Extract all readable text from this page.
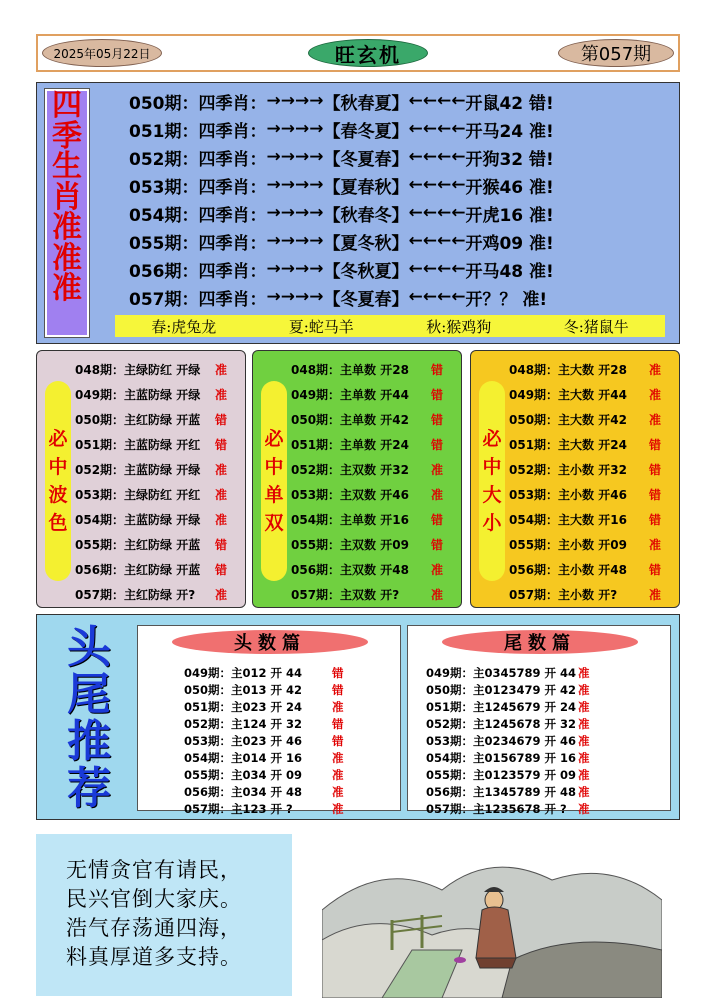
2025年05月22日	旺玄机	第057期
四
季
生
肖
准
准
准
050期：四季肖： →→→→ 【秋春夏】 ←←←← 开鼠42 错!
051期：四季肖： →→→→ 【春冬夏】 ←←←← 开马24 准!
052期：四季肖： →→→→ 【冬夏春】 ←←←← 开狗32 错!
053期：四季肖： →→→→ 【夏春秋】 ←←←← 开猴46 准!
054期：四季肖： →→→→ 【秋春冬】 ←←←← 开虎16 准!
055期：四季肖： →→→→ 【夏冬秋】 ←←←← 开鸡09 准!
056期：四季肖： →→→→ 【冬秋夏】 ←←←← 开马48 准!
057期：四季肖： →→→→ 【冬夏春】 ←←←← 开？？ 准!
春:虎兔龙	夏:蛇马羊	秋:猴鸡狗	冬:猪鼠牛
必
中
波
色
048期：主绿防红 开绿	准
049期：主蓝防绿 开绿	准
050期：主红防绿 开蓝	错
051期：主蓝防绿 开红	错
052期：主蓝防绿 开绿	准
053期：主绿防红 开红	准
054期：主蓝防绿 开绿	准
055期：主红防绿 开蓝	错
056期：主红防绿 开蓝	错
057期：主红防绿 开?	准
必
中
单
双
048期：主单数 开28	错
049期：主单数 开44	错
050期：主单数 开42	错
051期：主单数 开24	错
052期：主双数 开32	准
053期：主双数 开46	准
054期：主单数 开16	错
055期：主双数 开09	错
056期：主双数 开48	准
057期：主双数 开?	准
必
中
大
小
048期：主大数 开28	准
049期：主大数 开44	准
050期：主大数 开42	准
051期：主大数 开24	错
052期：主小数 开32	错
053期：主小数 开46	错
054期：主大数 开16	错
055期：主小数 开09	准
056期：主小数 开48	错
057期：主小数 开?	准
头
尾
推
荐
头数篇
049期：主012 开 44	错
050期：主013 开 42	错
051期：主023 开 24	准
052期：主124 开 32	错
053期：主023 开 46	错
054期：主014 开 16	准
055期：主034 开 09	准
056期：主034 开 48	准
057期：主123 开 ?	准
尾数篇
049期：主0345789 开 44 准
050期：主0123479 开 42 准
051期：主1245679 开 24 准
052期：主1245678 开 32 准
053期：主0234679 开 46 准
054期：主0156789 开 16 准
055期：主0123579 开 09 准
056期：主1345789 开 48 准
057期：主1235678 开 ? 准
无情贪官有请民，
民兴官倒大家庆。
浩气存荡通四海，
料真厚道多支持。
